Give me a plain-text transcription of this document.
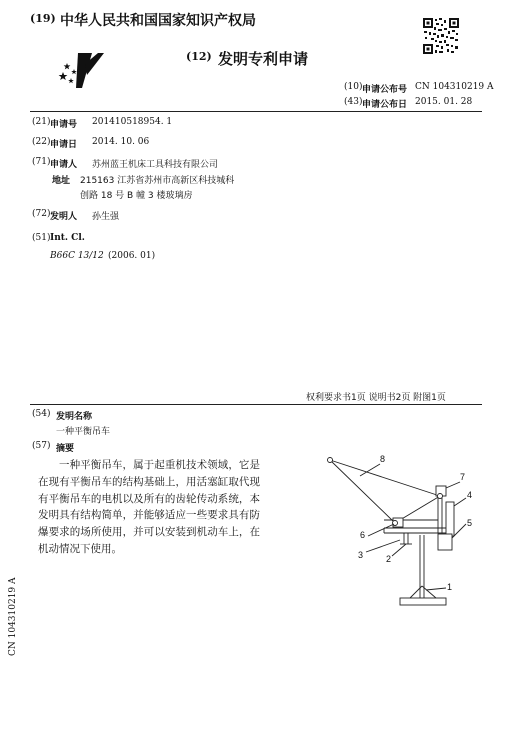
(19) 中华人民共和国国家知识产权局
(12) 发明专利申请
(10) 申请公布号 CN 104310219 A
(43) 申请公布日 2015. 01. 28
(21) 申请号 201410518954. 1
(22) 申请日 2014. 10. 06
(71) 申请人 苏州蓝王机床工具科技有限公司
地址 215163 江苏省苏州市高新区科技城科
创路 18 号 B 幢 3 楼玻璃房
(72) 发明人 孙生强
(51) Int. Cl.
B66C 13/12 (2006. 01)
权利要求书1页 说明书2页 附图1页
(54) 发明名称
一种平衡吊车
(57) 摘要
一种平衡吊车，属于起重机技术领域，它是在现有平衡吊车的结构基础上，用活塞缸取代现有平衡吊车的电机以及所有的齿轮传动系统，本发明具有结构简单，并能够适应一些要求具有防爆要求的场所使用，并可以安装到机动车上，在机动情况下使用。
8
7
4
5
6
3	2
1
CN 104310219 A
